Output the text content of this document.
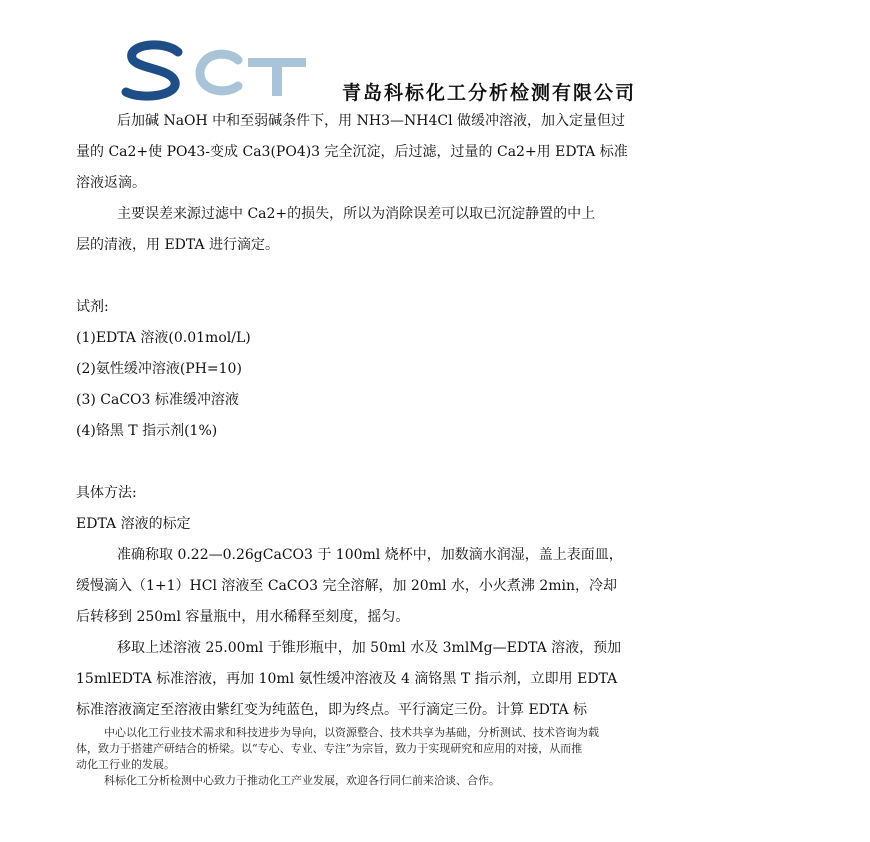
青岛科标化工分析检测有限公司

后加碱 NaOH 中和至弱碱条件下，用 NH3—NH4Cl 做缓冲溶液，加入定量但过

量的 Ca2+使 PO43-变成 Ca3(PO4)3 完全沉淀，后过滤，过量的 Ca2+用 EDTA 标准

溶液返滴。

主要误差来源过滤中 Ca2+的损失，所以为消除误差可以取已沉淀静置的中上

层的清液，用 EDTA 进行滴定。

试剂:

(1)EDTA 溶液(0.01mol/L)

(2)氨性缓冲溶液(PH=10)

(3) CaCO3 标准缓冲溶液

(4)铬黑 T 指示剂(1%)

具体方法:

EDTA 溶液的标定

准确称取 0.22—0.26gCaCO3 于 100ml 烧杯中，加数滴水润湿，盖上表面皿，

缓慢滴入（1+1）HCl 溶液至 CaCO3 完全溶解，加 20ml 水，小火煮沸 2min，冷却

后转移到 250ml 容量瓶中，用水稀释至刻度，摇匀。

移取上述溶液 25.00ml 于锥形瓶中，加 50ml 水及 3mlMg—EDTA 溶液，预加

15mlEDTA 标准溶液，再加 10ml 氨性缓冲溶液及 4 滴铬黑 T 指示剂，立即用 EDTA

标准溶液滴定至溶液由紫红变为纯蓝色，即为终点。平行滴定三份。计算 EDTA 标

中心以化工行业技术需求和科技进步为导向，以资源整合、技术共享为基础，分析测试、技术咨询为载

体，致力于搭建产研结合的桥梁。以“专心、专业、专注”为宗旨，致力于实现研究和应用的对接，从而推

动化工行业的发展。

科标化工分析检测中心致力于推动化工产业发展，欢迎各行同仁前来洽谈、合作。
